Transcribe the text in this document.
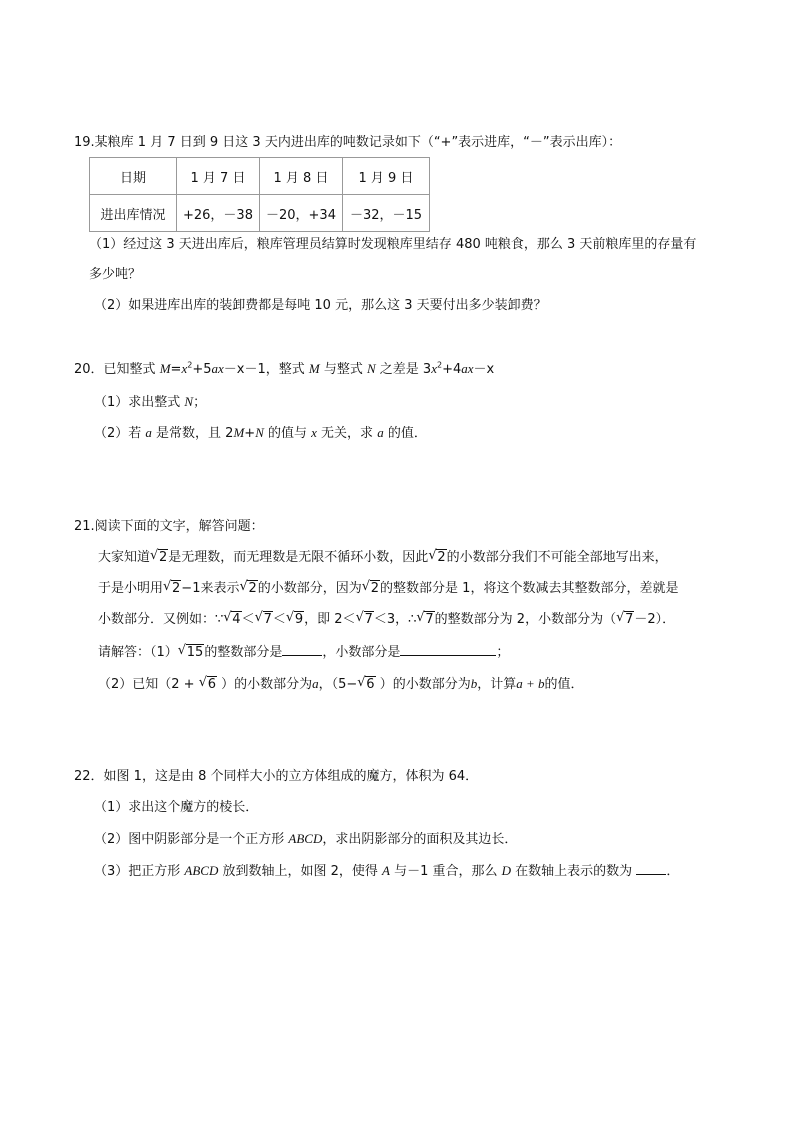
19.某粮库 1 月 7 日到 9 日这 3 天内进出库的吨数记录如下（“+”表示进库，“－”表示出库）：
日期	1 月 7 日	1 月 8 日	1 月 9 日
进出库情况	+26，－38	－20，+34	－32，－15
（1）经过这 3 天进出库后，粮库管理员结算时发现粮库里结存 480 吨粮食，那么 3 天前粮库里的存量有
多少吨？
（2）如果进库出库的装卸费都是每吨 10 元，那么这 3 天要付出多少装卸费？
20．已知整式 $M=x^2+5ax-x-1$，整式 M 与整式 N 之差是 $3x^2+4ax-x$
（1）求出整式 N；
（2）若 a 是常数，且 2M+N 的值与 x 无关，求 a 的值．
21.阅读下面的文字，解答问题：
大家知道 √ 2是无理数，而无理数是无限不循环小数，因此 √ 2的小数部分我们不可能全部地写出来，
于是小明用 √ 2−1来表示 √ 2的小数部分，因为 √ 2的整数部分是 1，将这个数减去其整数部分，差就是
小数部分．又例如：∵ √ 4＜ √ 7＜ √ 9，即 2＜ √ 7＜3，∴ √ 7的整数部分为 2，小数部分为（ √ 7－2）．
请解答：（1） √ 15的整数部分是	，小数部分是	；
（2）已知（2 + √ 6 ）的小数部分为a，（5− √ 6 ）的小数部分为b，计算a + b的值．
22．如图 1，这是由 8 个同样大小的立方体组成的魔方，体积为 64．
（1）求出这个魔方的棱长．
（2）图中阴影部分是一个正方形 ABCD，求出阴影部分的面积及其边长．
（3）把正方形 ABCD 放到数轴上，如图 2，使得 A 与－1 重合，那么 D 在数轴上表示的数为 ．
